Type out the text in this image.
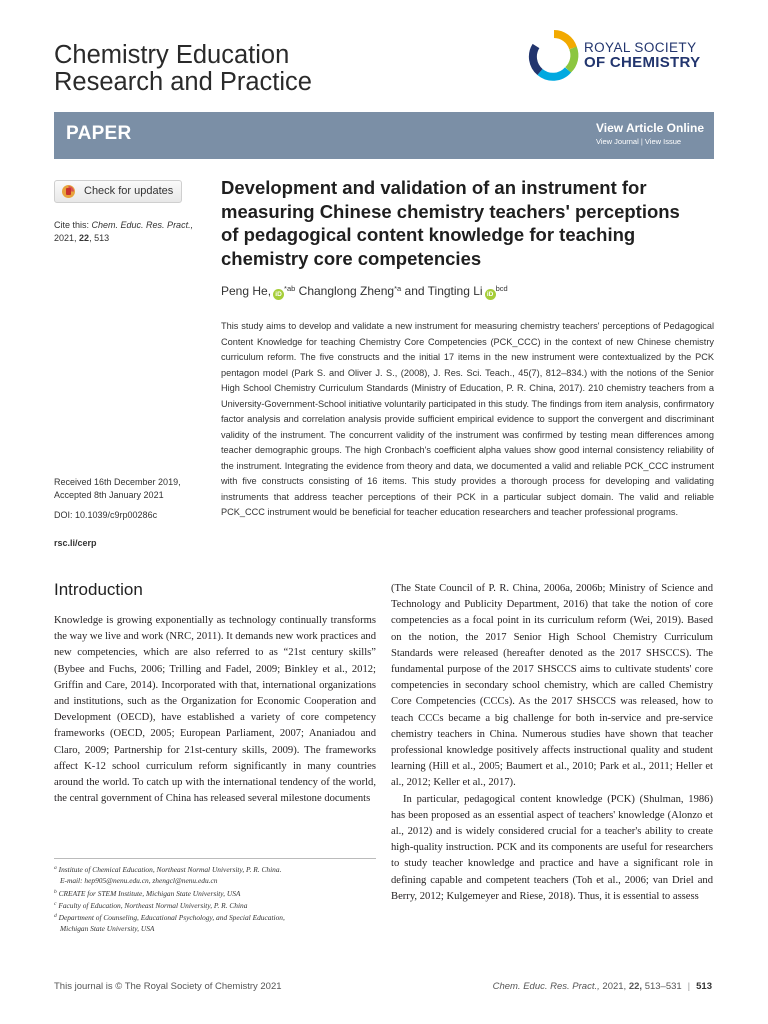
Chemistry Education
Research and Practice
ROYAL SOCIETY
OF CHEMISTRY
PAPER	View Article Online
View Journal | View Issue
Check for updates
Cite this: Chem. Educ. Res. Pract.,
2021, 22, 513
Development and validation of an instrument for measuring Chinese chemistry teachers' perceptions of pedagogical content knowledge for teaching chemistry core competencies
Peng He, $iD^{*ab}$ Changlong Zheng$^{*a}$ and Tingting Li $iD^{bcd}$
This study aims to develop and validate a new instrument for measuring chemistry teachers' perceptions of Pedagogical Content Knowledge for teaching Chemistry Core Competencies (PCK_CCC) in the context of new Chinese chemistry curriculum reform. The five constructs and the initial 17 items in the new instrument were contextualized by the PCK pentagon model (Park S. and Oliver J. S., (2008), J. Res. Sci. Teach., 45(7), 812–834.) with the notions of the Senior High School Chemistry Curriculum Standards (Ministry of Education, P. R. China, 2017). 210 chemistry teachers from a University-Government-School initiative voluntarily participated in this study. The findings from item analysis, confirmatory factor analysis and correlation analysis provide sufficient empirical evidence to support the convergent and discriminant validity of the instrument. The concurrent validity of the instrument was confirmed by testing mean differences among teacher demographic groups. The high Cronbach's coefficient alpha values show good internal consistency reliability of the instrument. Integrating the evidence from theory and data, we documented a valid and reliable PCK_CCC instrument with five constructs consisting of 16 items. This study provides a thorough process for developing and validating instruments that address teacher perceptions of their PCK in a particular subject domain. The valid and reliable PCK_CCC instrument would be beneficial for teacher education researchers and teacher professional programs.
Received 16th December 2019,
Accepted 8th January 2021
DOI: 10.1039/c9rp00286c
rsc.li/cerp
Introduction

Knowledge is growing exponentially as technology continually transforms the way we live and work (NRC, 2011). It demands new work practices and new competencies, which are also referred to as “21st century skills” (Bybee and Fuchs, 2006; Trilling and Fadel, 2009; Binkley et al., 2012; Griffin and Care, 2014). Incorporated with that, international organizations and institutions, such as the Organization for Economic Cooperation and Development (OECD), have established a variety of core competency frameworks (OECD, 2005; European Parliament, 2007; Ananiadou and Claro, 2009; Partnership for 21st-century skills, 2009). The frameworks affect K-12 school curriculum reform significantly in many countries around the world. To catch up with the international tendency of the world, the central government of China has released several milestone documents

(The State Council of P. R. China, 2006a, 2006b; Ministry of Science and Technology and Publicity Department, 2016) that take the notion of core competencies as a focal point in its curriculum reform (Wei, 2019). Based on the notion, the 2017 Senior High School Chemistry Curriculum Standards were released (hereafter denoted as the 2017 SHSCCS). The fundamental purpose of the 2017 SHSCCS aims to cultivate students' core competencies in secondary school chemistry, which are called Chemistry Core Competencies (CCCs). As the 2017 SHSCCS was released, how to teach CCCs became a big challenge for both in-service and pre-service chemistry teachers in China. Numerous studies have shown that teacher professional knowledge positively affects instructional quality and student learning (Hill et al., 2005; Baumert et al., 2010; Park et al., 2011; Heller et al., 2012; Keller et al., 2017).

In particular, pedagogical content knowledge (PCK) (Shulman, 1986) has been proposed as an essential aspect of teachers' knowledge (Alonzo et al., 2012) and is widely considered crucial for a teacher's ability to create high-quality instruction. PCK and its components are useful for researchers to study teacher knowledge and practice and have a significant role in defining capable and competent teachers (Toh et al., 2006; van Driel and Berry, 2012; Kulgemeyer and Riese, 2018). Thus, it is essential to assess

$^a$ Institute of Chemical Education, Northeast Normal University, P. R. China.
E-mail: hep905@nenu.edu.cn, zhengcl@nenu.edu.cn
$^b$ CREATE for STEM Institute, Michigan State University, USA
$^c$ Faculty of Education, Northeast Normal University, P. R. China
$^d$ Department of Counseling, Educational Psychology, and Special Education,
Michigan State University, USA
This journal is © The Royal Society of Chemistry 2021	Chem. Educ. Res. Pract., 2021, 22, 513–531 | 513
